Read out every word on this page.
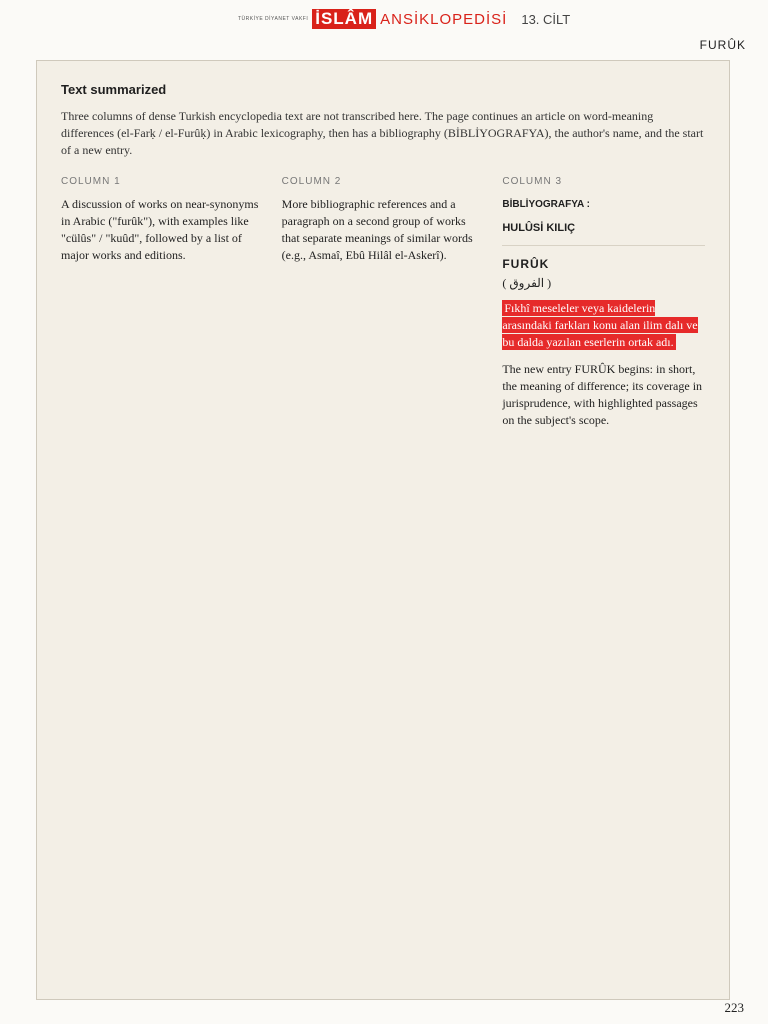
TÜRKİYE DİYANET VAKFI İSLÂM ANSİKLOPEDİSİ 13. CİLT
FURÛK
Text summarized
Three columns of dense Turkish encyclopedia text are not transcribed here. The page continues an article on word-meaning differences (el-Farḳ / el-Furûḳ) in Arabic lexicography, then has a bibliography (BİBLİYOGRAFYA), the author's name, and the start of a new entry.
COLUMN 1
A discussion of works on near-synonyms in Arabic ("furûk"), with examples like "cülûs" / "kuûd", followed by a list of major works and editions.
COLUMN 2
More bibliographic references and a paragraph on a second group of works that separate meanings of similar words (e.g., Asmaî, Ebû Hilâl el-Askerî).
COLUMN 3
BİBLİYOGRAFYA :
HULÛSİ KILIÇ
FURÛK
( الفروق )
Fıkhî meseleler veya kaidelerin arasındaki farkları konu alan ilim dalı ve bu dalda yazılan eserlerin ortak adı.
The new entry FURÛK begins: in short, the meaning of difference; its coverage in jurisprudence, with highlighted passages on the subject's scope.
223
